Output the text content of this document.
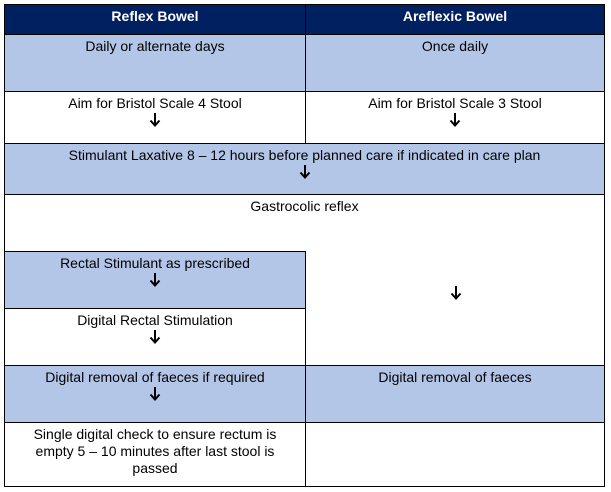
Reflex Bowel	Areflexic Bowel
Daily or alternate days	Once daily
Aim for Bristol Scale 4 Stool	Aim for Bristol Scale 3 Stool
Stimulant Laxative 8 – 12 hours before planned care if indicated in care plan
Gastrocolic reflex
Rectal Stimulant as prescribed
Digital Rectal Stimulation
Digital removal of faeces if required	Digital removal of faeces
Single digital check to ensure rectum is empty 5 – 10 minutes after last stool is passed
